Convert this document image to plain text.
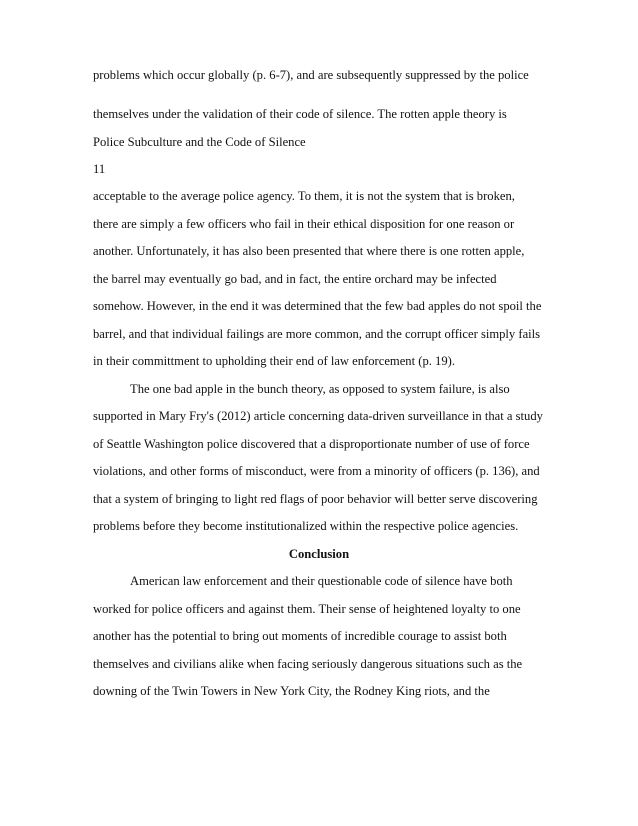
problems which occur globally (p. 6-7), and are subsequently suppressed by the police
themselves under the validation of their code of silence. The rotten apple theory is
Police Subculture and the Code of Silence
11
acceptable to the average police agency. To them, it is not the system that is broken,
there are simply a few officers who fail in their ethical disposition for one reason or
another. Unfortunately, it has also been presented that where there is one rotten apple,
the barrel may eventually go bad, and in fact, the entire orchard may be infected
somehow. However, in the end it was determined that the few bad apples do not spoil the
barrel, and that individual failings are more common, and the corrupt officer simply fails
in their committment to upholding their end of law enforcement (p. 19).
The one bad apple in the bunch theory, as opposed to system failure, is also
supported in Mary Fry's (2012) article concerning data-driven surveillance in that a study
of Seattle Washington police discovered that a disproportionate number of use of force
violations, and other forms of misconduct, were from a minority of officers (p. 136), and
that a system of bringing to light red flags of poor behavior will better serve discovering
problems before they become institutionalized within the respective police agencies.
Conclusion
American law enforcement and their questionable code of silence have both
worked for police officers and against them. Their sense of heightened loyalty to one
another has the potential to bring out moments of incredible courage to assist both
themselves and civilians alike when facing seriously dangerous situations such as the
downing of the Twin Towers in New York City, the Rodney King riots, and the
